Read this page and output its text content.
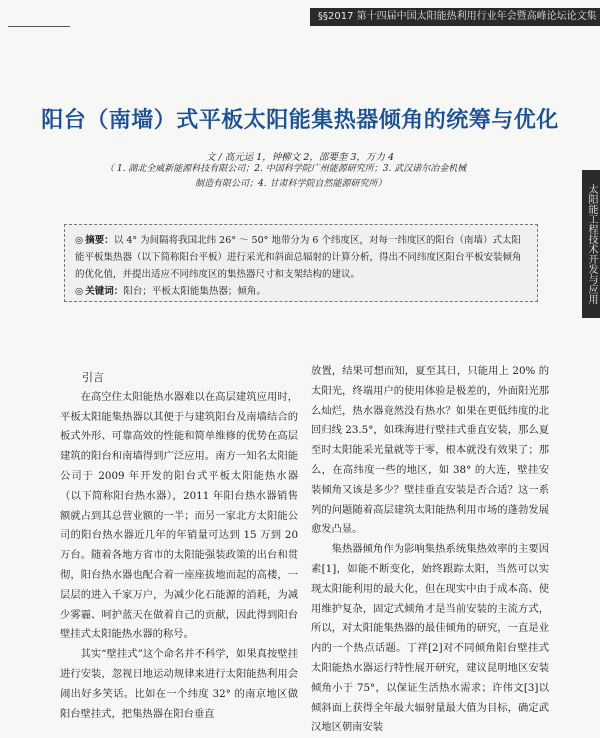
§§2017 第十四届中国太阳能热利用行业年会暨高峰论坛论文集
太阳能工程技术开发与应用
阳台（南墙）式平板太阳能集热器倾角的统筹与优化
文 / 高元运 1，钟柳文 2，邵要奎 3，万力 4
（ 1. 湖北全威新能源科技有限公司；2. 中国科学院广州能源研究所；3. 武汉诺尔冶金机械
制造有限公司；4. 甘肃科学院自然能源研究所）
◎ 摘要：以 4° 为间隔将我国北纬 26° ～ 50° 地带分为 6 个纬度区，对每一纬度区的阳台（南墙）式太阳能平板集热器（以下简称阳台平板）进行采光和斜面总辐射的计算分析，得出不同纬度区阳台平板安装倾角的优化值，并提出适应不同纬度区的集热器尺寸和支架结构的建议。
◎ 关键词：阳台；平板太阳能集热器；倾角。

引言

在高空住太阳能热水器难以在高层建筑应用时，平板太阳能集热器以其便于与建筑阳台及南墙结合的板式外形、可靠高效的性能和简单维修的优势在高层建筑的阳台和南墙得到广泛应用。南方一知名太阳能公司于 2009 年开发的阳台式平板太阳能热水器（以下简称阳台热水器），2011 年阳台热水器销售额就占到其总营业额的一半；而另一家北方太阳能公司的阳台热水器近几年的年销量可达到 15 万到 20 万台。随着各地方省市的太阳能强装政策的出台和贯彻，阳台热水器也配合着一座座拔地而起的高楼，一层层的进入千家万户，为减少化石能源的消耗，为减少雾霾、呵护蓝天在做着自己的贡献，因此得到阳台壁挂式太阳能热水器的称号。

其实“壁挂式”这个命名并不科学，如果真按壁挂进行安装，忽视日地运动规律来进行太阳能热利用会闹出好多笑话。比如在一个纬度 32° 的南京地区做阳台壁挂式，把集热器在阳台垂直

放置，结果可想而知，夏至其日，只能用上 20% 的太阳光，终端用户的使用体验是极差的，外面阳光那么灿烂，热水器竟然没有热水？如果在更低纬度的北回归线 23.5°，如珠海进行壁挂式垂直安装，那么夏至时太阳能采光量就等于零，根本就没有效果了；那么，在高纬度一些的地区，如 38° 的大连，壁挂安装倾角又该是多少？壁挂垂直安装是否合适？这一系列的问题随着高层建筑太阳能热利用市场的蓬勃发展愈发凸显。

集热器倾角作为影响集热系统集热效率的主要因素[1]，如能不断变化，始终跟踪太阳，当然可以实现太阳能利用的最大化，但在现实中由于成本高、使用维护复杂，固定式倾角才是当前安装的主流方式，所以，对太阳能集热器的最佳倾角的研究，一直是业内的一个热点话题。丁祥[2]对不同倾角阳台壁挂式太阳能热水器运行特性展开研究，建议昆明地区安装倾角小于 75°，以保证生活热水需求；许伟文[3]以倾斜面上获得全年最大辐射量最大值为目标，确定武汉地区朝南安装
